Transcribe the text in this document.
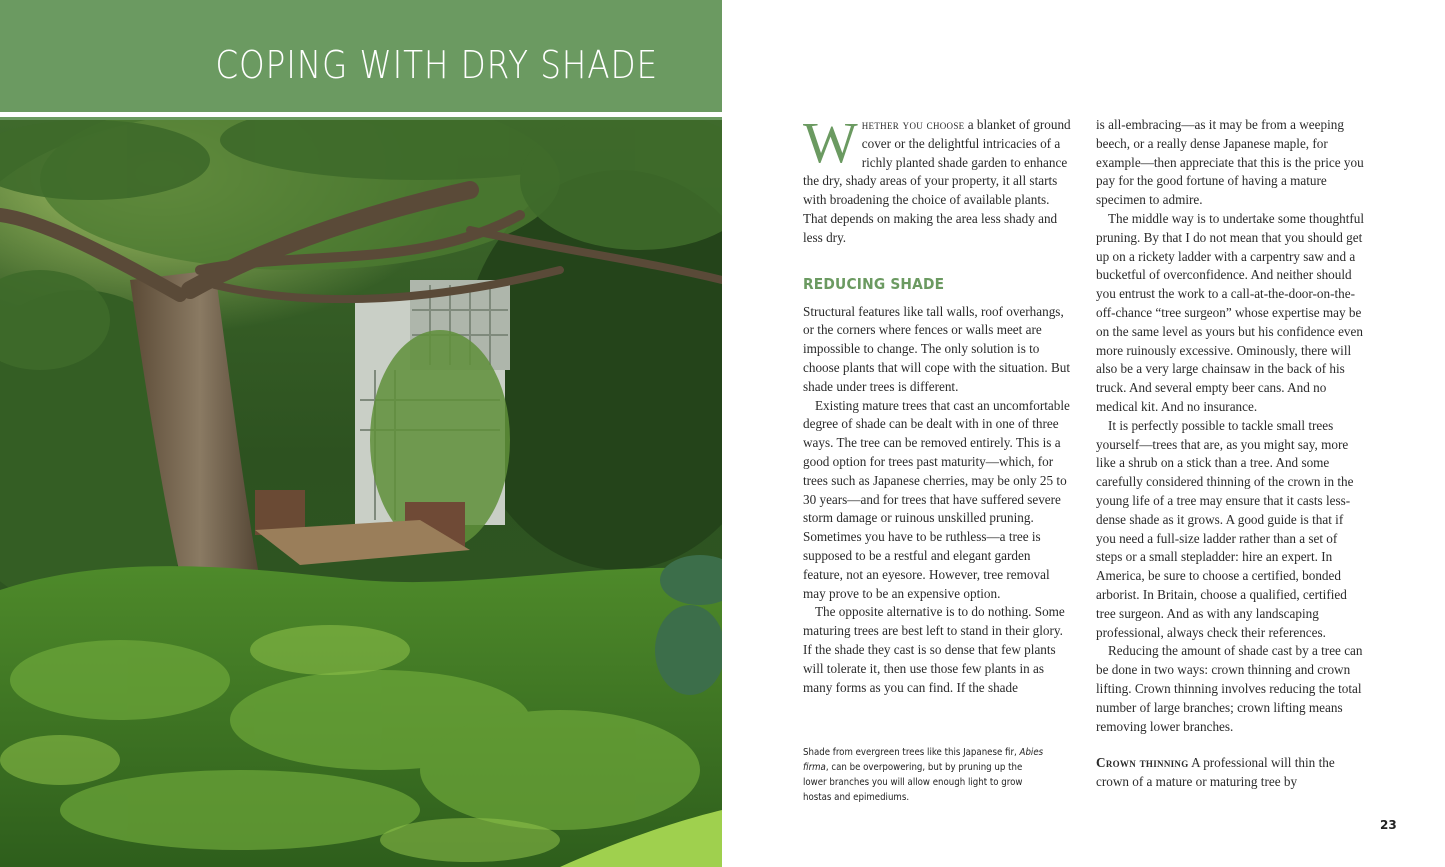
COPING WITH DRY SHADE

Whether you choose a blanket of ground cover or the delightful intricacies of a richly planted shade garden to enhance the dry, shady areas of your property, it all starts with broadening the choice of available plants. That depends on making the area less shady and less dry.

REDUCING SHADE

Structural features like tall walls, roof overhangs, or the corners where fences or walls meet are impossible to change. The only solution is to choose plants that will cope with the situation. But shade under trees is different.

Existing mature trees that cast an uncomfortable degree of shade can be dealt with in one of three ways. The tree can be removed entirely. This is a good option for trees past maturity—which, for trees such as Japanese cherries, may be only 25 to 30 years—and for trees that have suffered severe storm damage or ruinous unskilled pruning. Sometimes you have to be ruthless—a tree is supposed to be a restful and elegant garden feature, not an eyesore. However, tree removal may prove to be an expensive option.

The opposite alternative is to do nothing. Some maturing trees are best left to stand in their glory. If the shade they cast is so dense that few plants will tolerate it, then use those few plants in as many forms as you can find. If the shade

is all-embracing—as it may be from a weeping beech, or a really dense Japanese maple, for example—then appreciate that this is the price you pay for the good fortune of having a mature specimen to admire.

The middle way is to undertake some thoughtful pruning. By that I do not mean that you should get up on a rickety ladder with a carpentry saw and a bucketful of overconfidence. And neither should you entrust the work to a call-at-the-door-on-the-off-chance “tree surgeon” whose expertise may be on the same level as yours but his confidence even more ruinously excessive. Ominously, there will also be a very large chainsaw in the back of his truck. And several empty beer cans. And no medical kit. And no insurance.

It is perfectly possible to tackle small trees yourself—trees that are, as you might say, more like a shrub on a stick than a tree. And some carefully considered thinning of the crown in the young life of a tree may ensure that it casts less-dense shade as it grows. A good guide is that if you need a full-size ladder rather than a set of steps or a small stepladder: hire an expert. In America, be sure to choose a certified, bonded arborist. In Britain, choose a qualified, certified tree surgeon. And as with any landscaping professional, always check their references.

Reducing the amount of shade cast by a tree can be done in two ways: crown thinning and crown lifting. Crown thinning involves reducing the total number of large branches; crown lifting means removing lower branches.

Crown thinning A professional will thin the crown of a mature or maturing tree by

Shade from evergreen trees like this Japanese fir, Abies firma, can be overpowering, but by pruning up the lower branches you will allow enough light to grow hostas and epimediums.
23
